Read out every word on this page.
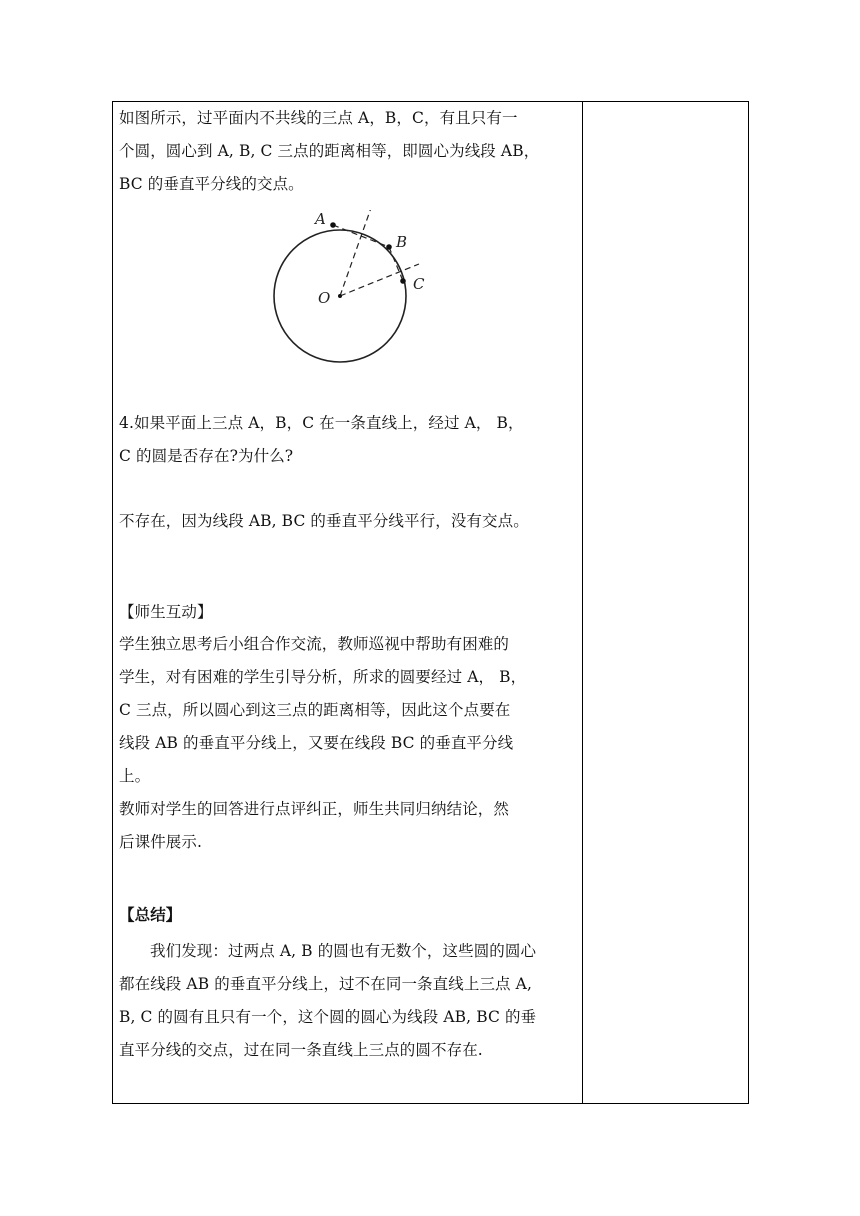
如图所示，过平面内不共线的三点 A，B，C，有且只有一
个圆，圆心到 A, B, C 三点的距离相等，即圆心为线段 AB，
BC 的垂直平分线的交点。
A
B
C
O
4.如果平面上三点 A，B，C 在一条直线上，经过 A， B，
C 的圆是否存在?为什么?
不存在，因为线段 AB, BC 的垂直平分线平行，没有交点。
【师生互动】
学生独立思考后小组合作交流，教师巡视中帮助有困难的
学生，对有困难的学生引导分析，所求的圆要经过 A， B，
C 三点，所以圆心到这三点的距离相等，因此这个点要在
线段 AB 的垂直平分线上，又要在线段 BC 的垂直平分线
上。
教师对学生的回答进行点评纠正，师生共同归纳结论，然
后课件展示.
【总结】
我们发现：过两点 A, B 的圆也有无数个，这些圆的圆心
都在线段 AB 的垂直平分线上，过不在同一条直线上三点 A,
B, C 的圆有且只有一个，这个圆的圆心为线段 AB, BC 的垂
直平分线的交点，过在同一条直线上三点的圆不存在.
